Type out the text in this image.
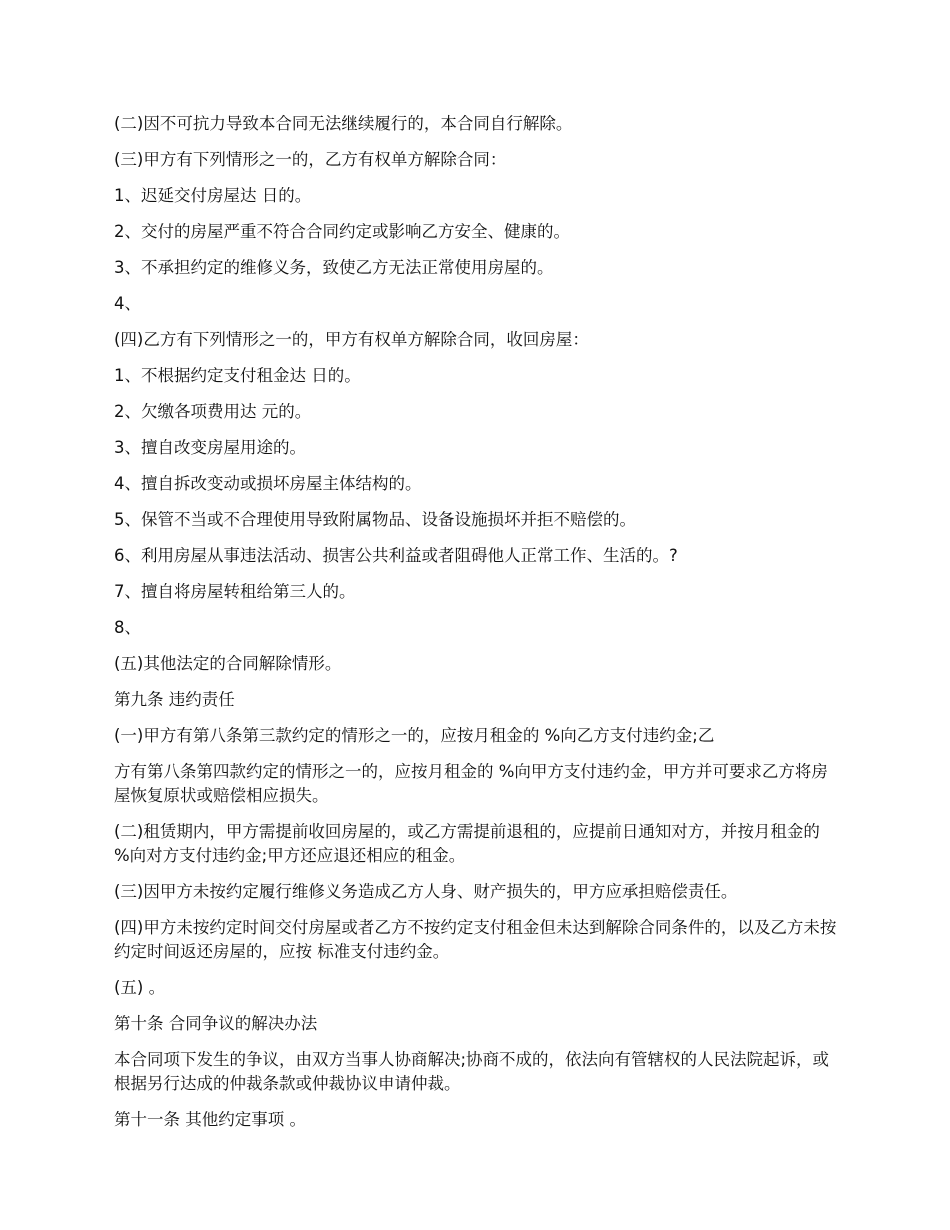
(二)因不可抗力导致本合同无法继续履行的，本合同自行解除。

(三)甲方有下列情形之一的，乙方有权单方解除合同：

1、迟延交付房屋达 日的。

2、交付的房屋严重不符合合同约定或影响乙方安全、健康的。

3、不承担约定的维修义务，致使乙方无法正常使用房屋的。

4、

(四)乙方有下列情形之一的，甲方有权单方解除合同，收回房屋：

1、不根据约定支付租金达 日的。

2、欠缴各项费用达 元的。

3、擅自改变房屋用途的。

4、擅自拆改变动或损坏房屋主体结构的。

5、保管不当或不合理使用导致附属物品、设备设施损坏并拒不赔偿的。

6、利用房屋从事违法活动、损害公共利益或者阻碍他人正常工作、生活的。?

7、擅自将房屋转租给第三人的。

8、

(五)其他法定的合同解除情形。

第九条 违约责任

(一)甲方有第八条第三款约定的情形之一的，应按月租金的 %向乙方支付违约金;乙

方有第八条第四款约定的情形之一的，应按月租金的 %向甲方支付违约金，甲方并可要求乙方将房屋恢复原状或赔偿相应损失。

(二)租赁期内，甲方需提前收回房屋的，或乙方需提前退租的，应提前日通知对方，并按月租金的 %向对方支付违约金;甲方还应退还相应的租金。

(三)因甲方未按约定履行维修义务造成乙方人身、财产损失的，甲方应承担赔偿责任。

(四)甲方未按约定时间交付房屋或者乙方不按约定支付租金但未达到解除合同条件的，以及乙方未按约定时间返还房屋的，应按 标准支付违约金。

(五) 。

第十条 合同争议的解决办法

本合同项下发生的争议，由双方当事人协商解决;协商不成的，依法向有管辖权的人民法院起诉，或根据另行达成的仲裁条款或仲裁协议申请仲裁。

第十一条 其他约定事项 。
